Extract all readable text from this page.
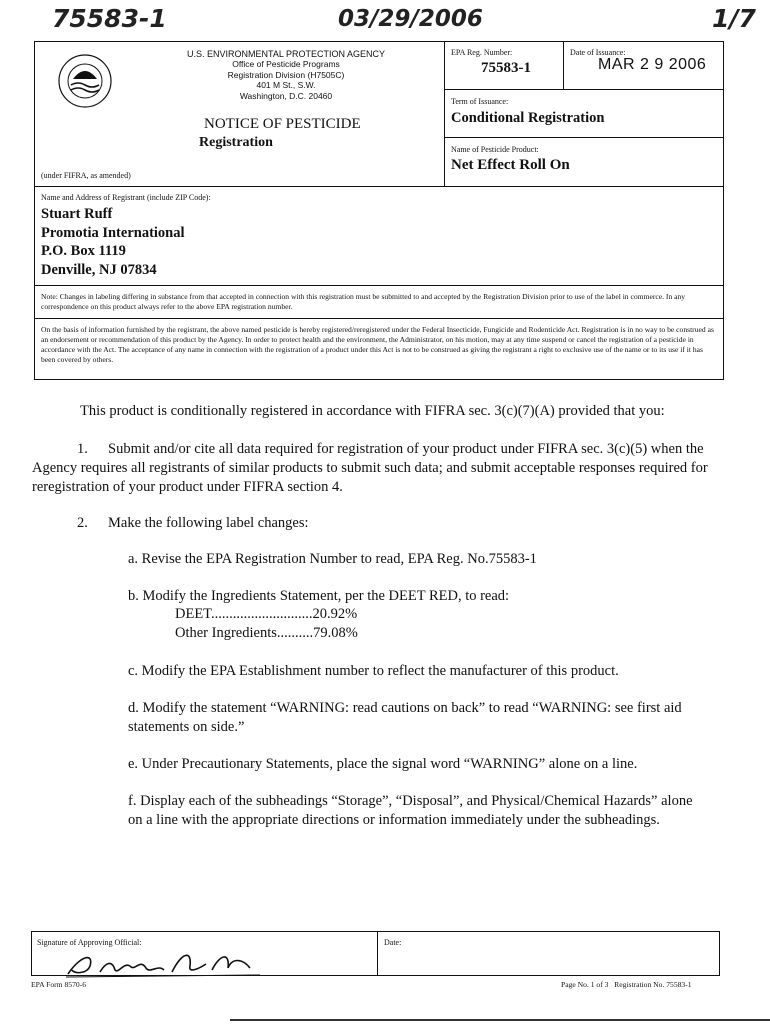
75583-1	03/29/2006	1/7
U.S. ENVIRONMENTAL PROTECTION AGENCY
Office of Pesticide Programs
Registration Division (H7505C)
401 M St., S.W.
Washington, D.C. 20460
NOTICE OF PESTICIDE
Registration
(under FIFRA, as amended)
EPA Reg. Number:
75583-1
Date of Issuance:
MAR 2 9 2006
Term of Issuance:
Conditional Registration
Name of Pesticide Product:
Net Effect Roll On
Name and Address of Registrant (include ZIP Code):
Stuart Ruff
Promotia International
P.O. Box 1119
Denville, NJ 07834
Note: Changes in labeling differing in substance from that accepted in connection with this registration must be submitted to and accepted by the Registration Division prior to use of the label in commerce. In any correspondence on this product always refer to the above EPA registration number.
On the basis of information furnished by the registrant, the above named pesticide is hereby registered/reregistered under the Federal Insecticide, Fungicide and Rodenticide Act. Registration is in no way to be construed as an endorsement or recommendation of this product by the Agency. In order to protect health and the environment, the Administrator, on his motion, may at any time suspend or cancel the registration of a pesticide in accordance with the Act. The acceptance of any name in connection with the registration of a product under this Act is not to be construed as giving the registrant a right to exclusive use of the name or to its use if it has been covered by others.
This product is conditionally registered in accordance with FIFRA sec. 3(c)(7)(A) provided that you:
1.	Submit and/or cite all data required for registration of your product under FIFRA sec. 3(c)(5) when the Agency requires all registrants of similar products to submit such data; and submit acceptable responses required for reregistration of your product under FIFRA section 4.
2. Make the following label changes:
a. Revise the EPA Registration Number to read, EPA Reg. No.75583-1
b. Modify the Ingredients Statement, per the DEET RED, to read:
DEET............................20.92%
Other Ingredients..........79.08%
c. Modify the EPA Establishment number to reflect the manufacturer of this product.
d. Modify the statement “WARNING: read cautions on back” to read “WARNING: see first aid statements on side.”
e. Under Precautionary Statements, place the signal word “WARNING” alone on a line.
f. Display each of the subheadings “Storage”, “Disposal”, and Physical/Chemical Hazards” alone on a line with the appropriate directions or information immediately under the subheadings.
Signature of Approving Official:	Date:
EPA Form 8570-6	Page No. 1 of 3   Registration No. 75583-1
